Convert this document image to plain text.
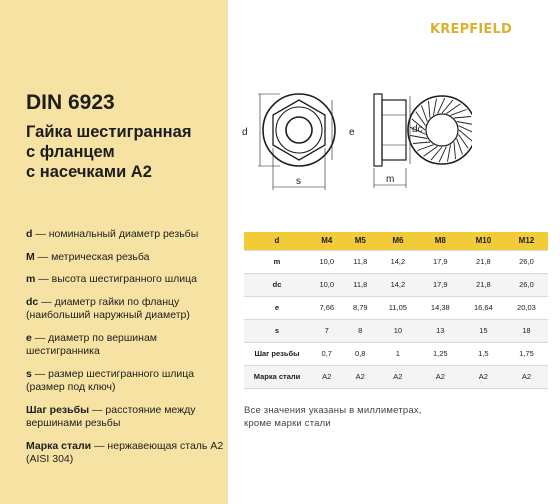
DIN 6923
Гайка шестигранная
с фланцем
с насечками А2
d — номинальный диаметр резьбы
M — метрическая резьба
m — высота шестигранного шлица
dc — диаметр гайки по фланцу (наибольший наружный диаметр)
e — диаметр по вершинам шестигранника
s — размер шестигранного шлица (размер под ключ)
Шаг резьбы — расстояние между вершинами резьбы
Марка стали — нержавеющая сталь А2 (AISI 304)
KREPFIELD
d	e
s	m
dc
d	M4	M5	M6	M8	M10	M12
m	10,0	11,8	14,2	17,9	21,8	26,0
dc	10,0	11,8	14,2	17,9	21,8	26,0
e	7,66	8,79	11,05	14,38	16,64	20,03
s	7	8	10	13	15	18
Шаг резьбы	0,7	0,8	1	1,25	1,5	1,75
Марка стали	А2	А2	А2	А2	А2	А2
Все значения указаны в миллиметрах,
кроме марки стали
